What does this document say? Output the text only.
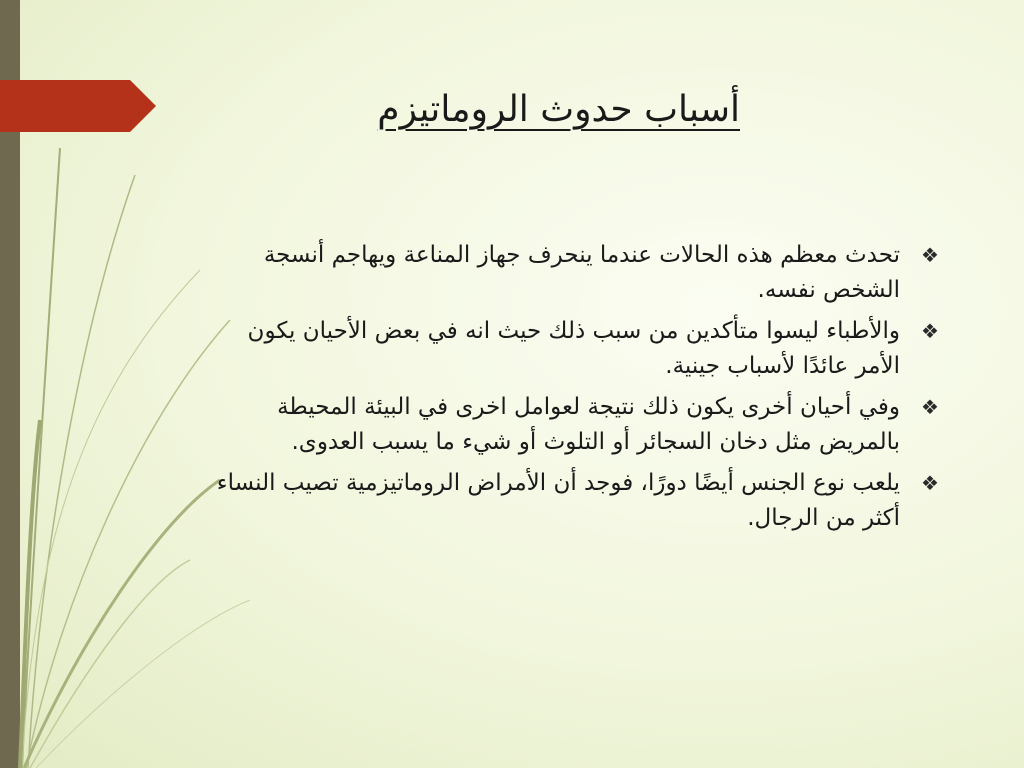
أسباب حدوث الروماتيزم
❖
تحدث معظم هذه الحالات عندما ينحرف جهاز المناعة ويهاجم أنسجة الشخص نفسه.
❖
والأطباء ليسوا متأكدين من سبب ذلك حيث انه في بعض الأحيان يكون الأمر عائدًا لأسباب جينية.
❖
وفي أحيان أخرى يكون ذلك نتيجة لعوامل اخرى في البيئة المحيطة بالمريض مثل دخان السجائر أو التلوث أو شيء ما يسبب العدوى.
❖
يلعب نوع الجنس أيضًا دورًا، فوجد أن الأمراض الروماتيزمية تصيب النساء أكثر من الرجال.
